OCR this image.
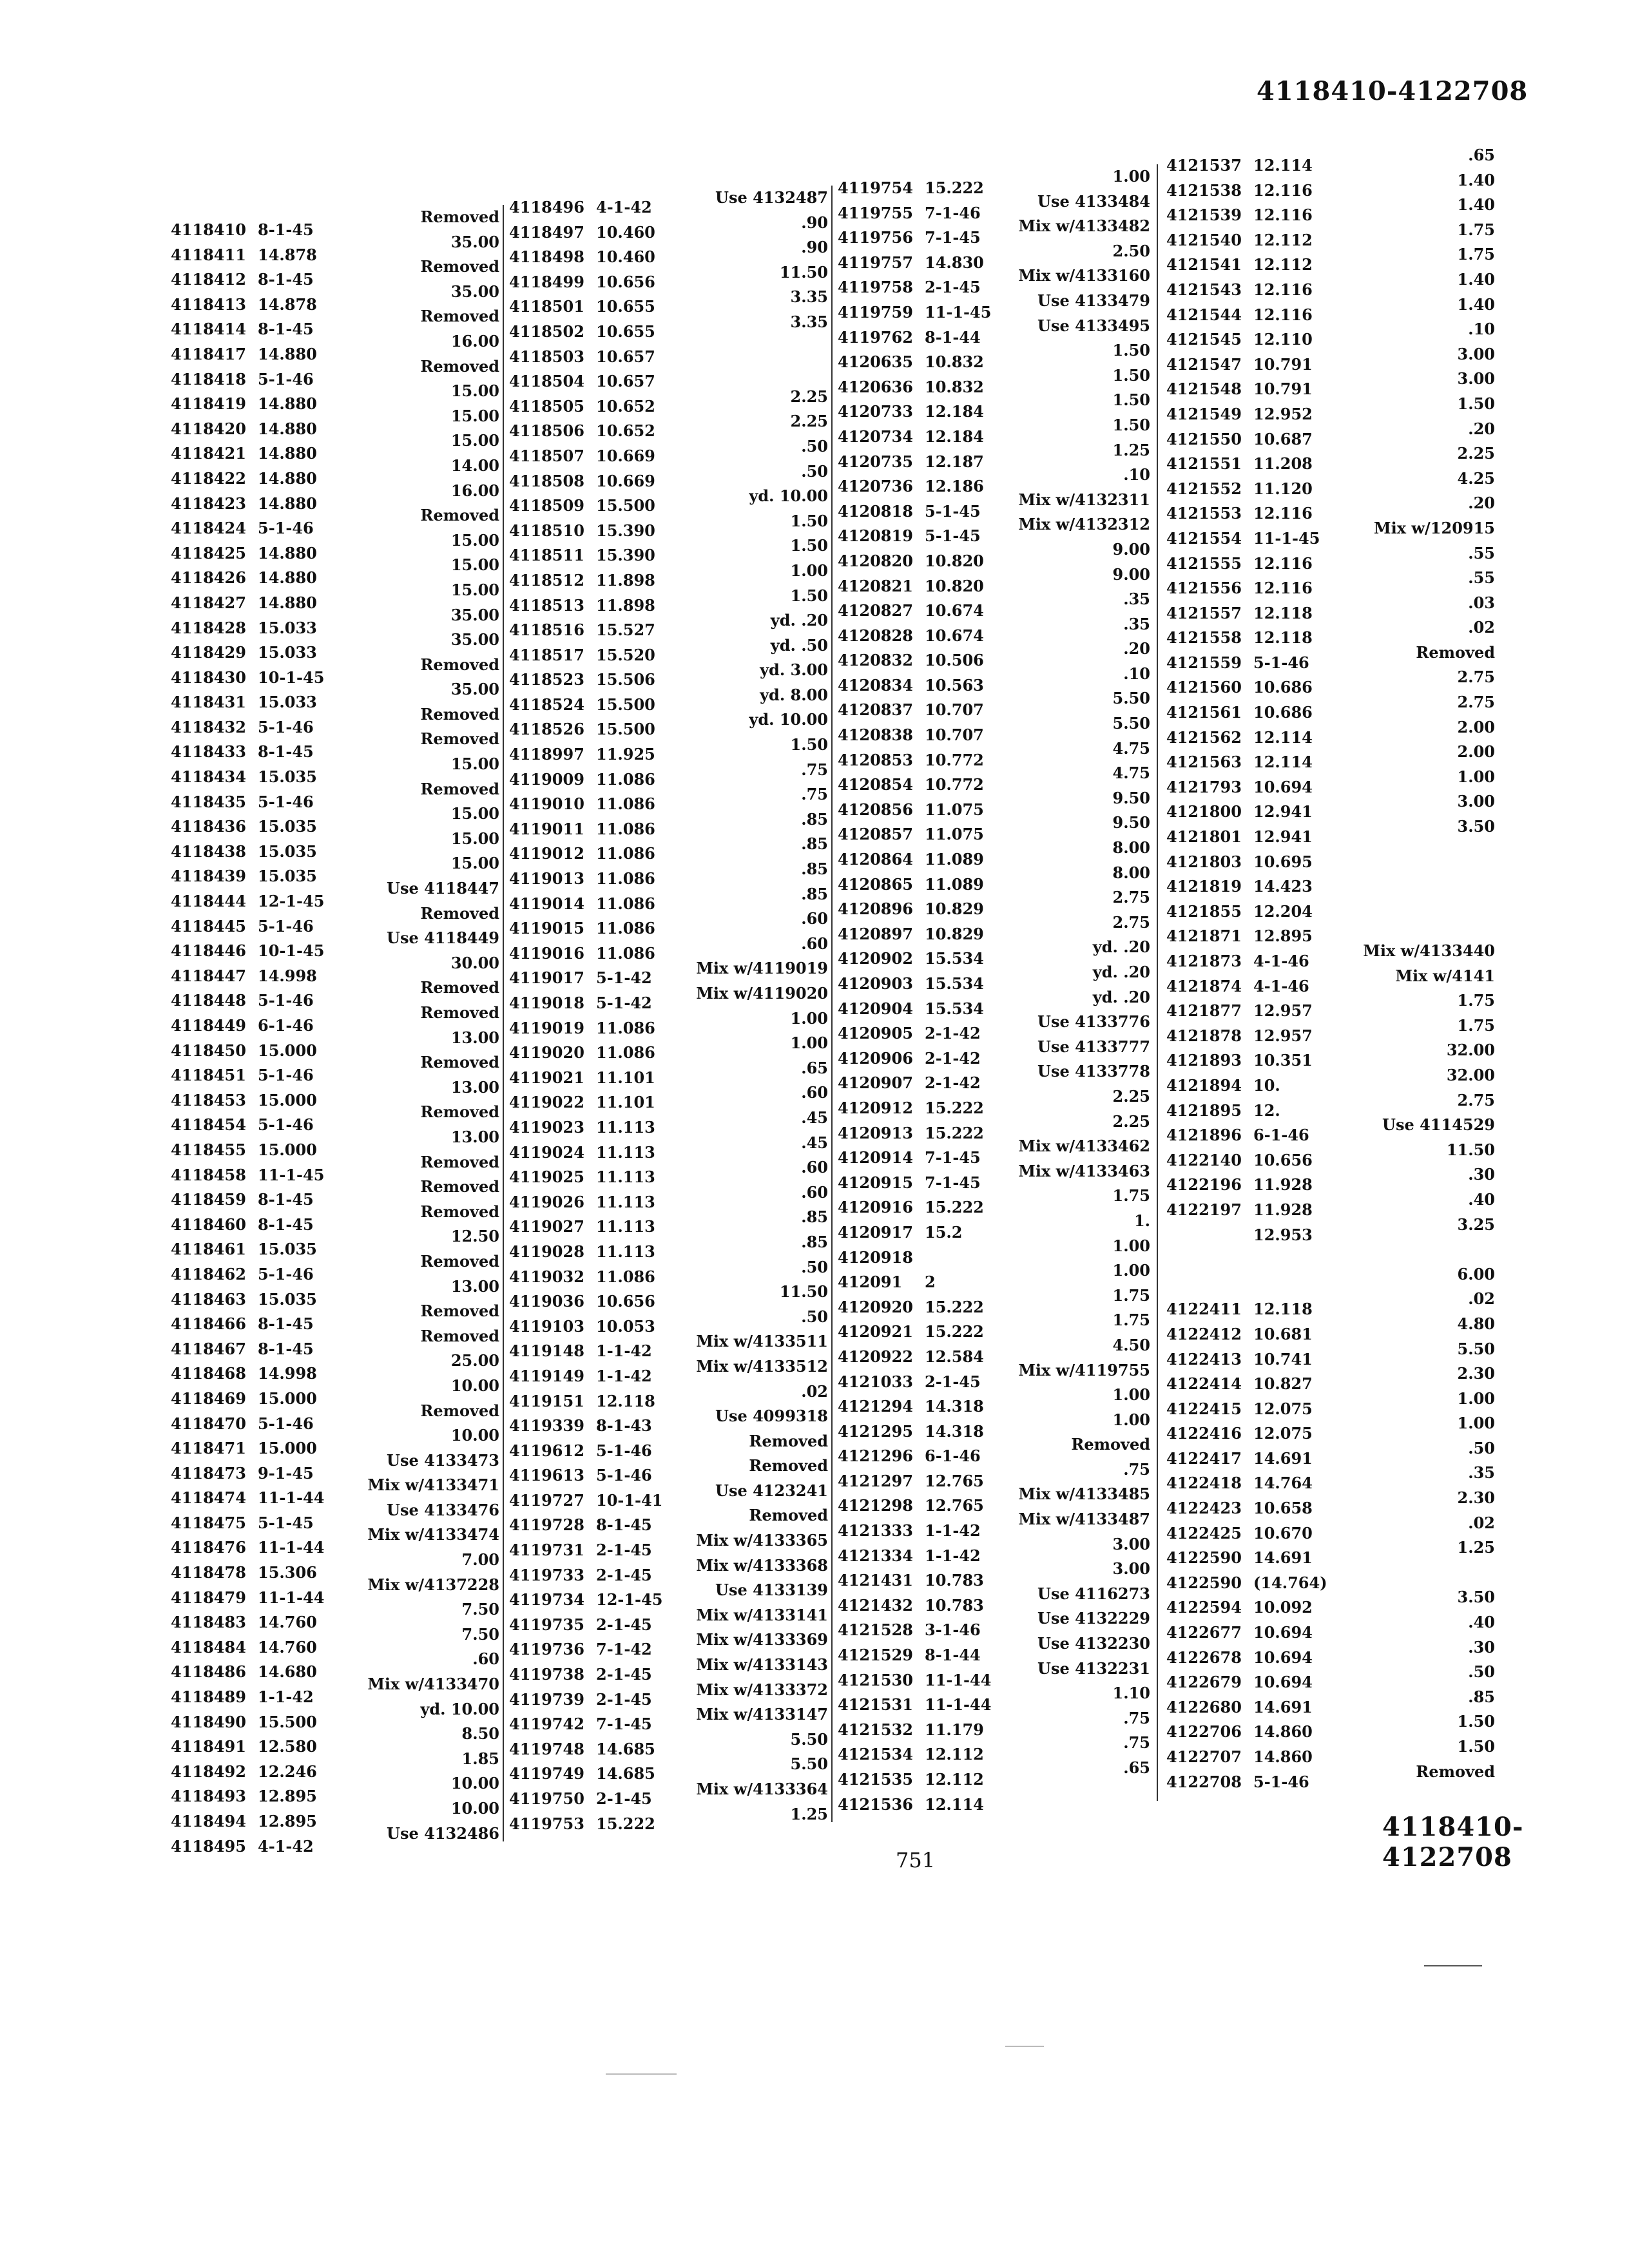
4118410-4122708
4118410 8-1-45
4118411 14.878
4118412 8-1-45
4118413 14.878
4118414 8-1-45
4118417 14.880
4118418 5-1-46
4118419 14.880
4118420 14.880
4118421 14.880
4118422 14.880
4118423 14.880
4118424 5-1-46
4118425 14.880
4118426 14.880
4118427 14.880
4118428 15.033
4118429 15.033
4118430 10-1-45
4118431 15.033
4118432 5-1-46
4118433 8-1-45
4118434 15.035
4118435 5-1-46
4118436 15.035
4118438 15.035
4118439 15.035
4118444 12-1-45
4118445 5-1-46
4118446 10-1-45
4118447 14.998
4118448 5-1-46
4118449 6-1-46
4118450 15.000
4118451 5-1-46
4118453 15.000
4118454 5-1-46
4118455 15.000
4118458 11-1-45
4118459 8-1-45
4118460 8-1-45
4118461 15.035
4118462 5-1-46
4118463 15.035
4118466 8-1-45
4118467 8-1-45
4118468 14.998
4118469 15.000
4118470 5-1-46
4118471 15.000
4118473 9-1-45
4118474 11-1-44
4118475 5-1-45
4118476 11-1-44
4118478 15.306
4118479 11-1-44
4118483 14.760
4118484 14.760
4118486 14.680
4118489 1-1-42
4118490 15.500
4118491 12.580
4118492 12.246
4118493 12.895
4118494 12.895
4118495 4-1-42
Removed
35.00
Removed
35.00
Removed
16.00
Removed
15.00
15.00
15.00
14.00
16.00
Removed
15.00
15.00
15.00
35.00
35.00
Removed
35.00
Removed
Removed
15.00
Removed
15.00
15.00
15.00
Use 4118447
Removed
Use 4118449
30.00
Removed
Removed
13.00
Removed
13.00
Removed
13.00
Removed
Removed
Removed
12.50
Removed
13.00
Removed
Removed
25.00
10.00
Removed
10.00
Use 4133473
Mix w/4133471
Use 4133476
Mix w/4133474
7.00
Mix w/4137228
7.50
7.50
.60
Mix w/4133470
yd. 10.00
8.50
1.85
10.00
10.00
Use 4132486
4118496 4-1-42
4118497 10.460
4118498 10.460
4118499 10.656
4118501 10.655
4118502 10.655
4118503 10.657
4118504 10.657
4118505 10.652
4118506 10.652
4118507 10.669
4118508 10.669
4118509 15.500
4118510 15.390
4118511 15.390
4118512 11.898
4118513 11.898
4118516 15.527
4118517 15.520
4118523 15.506
4118524 15.500
4118526 15.500
4118997 11.925
4119009 11.086
4119010 11.086
4119011 11.086
4119012 11.086
4119013 11.086
4119014 11.086
4119015 11.086
4119016 11.086
4119017 5-1-42
4119018 5-1-42
4119019 11.086
4119020 11.086
4119021 11.101
4119022 11.101
4119023 11.113
4119024 11.113
4119025 11.113
4119026 11.113
4119027 11.113
4119028 11.113
4119032 11.086
4119036 10.656
4119103 10.053
4119148 1-1-42
4119149 1-1-42
4119151 12.118
4119339 8-1-43
4119612 5-1-46
4119613 5-1-46
4119727 10-1-41
4119728 8-1-45
4119731 2-1-45
4119733 2-1-45
4119734 12-1-45
4119735 2-1-45
4119736 7-1-42
4119738 2-1-45
4119739 2-1-45
4119742 7-1-45
4119748 14.685
4119749 14.685
4119750 2-1-45
4119753 15.222
Use 4132487
.90
.90
11.50
3.35
3.35
2.25
2.25
.50
.50
yd. 10.00
1.50
1.50
1.00
1.50
yd. .20
yd. .50
yd. 3.00
yd. 8.00
yd. 10.00
1.50
.75
.75
.85
.85
.85
.85
.60
.60
Mix w/4119019
Mix w/4119020
1.00
1.00
.65
.60
.45
.45
.60
.60
.85
.85
.50
11.50
.50
Mix w/4133511
Mix w/4133512
.02
Use 4099318
Removed
Removed
Use 4123241
Removed
Mix w/4133365
Mix w/4133368
Use 4133139
Mix w/4133141
Mix w/4133369
Mix w/4133143
Mix w/4133372
Mix w/4133147
5.50
5.50
Mix w/4133364
1.25
4119754 15.222
4119755 7-1-46
4119756 7-1-45
4119757 14.830
4119758 2-1-45
4119759 11-1-45
4119762 8-1-44
4120635 10.832
4120636 10.832
4120733 12.184
4120734 12.184
4120735 12.187
4120736 12.186
4120818 5-1-45
4120819 5-1-45
4120820 10.820
4120821 10.820
4120827 10.674
4120828 10.674
4120832 10.506
4120834 10.563
4120837 10.707
4120838 10.707
4120853 10.772
4120854 10.772
4120856 11.075
4120857 11.075
4120864 11.089
4120865 11.089
4120896 10.829
4120897 10.829
4120902 15.534
4120903 15.534
4120904 15.534
4120905 2-1-42
4120906 2-1-42
4120907 2-1-42
4120912 15.222
4120913 15.222
4120914 7-1-45
4120915 7-1-45
4120916 15.222
4120917 15.2
4120918
412091	2
4120920 15.222
4120921 15.222
4120922 12.584
4121033 2-1-45
4121294 14.318
4121295 14.318
4121296 6-1-46
4121297 12.765
4121298 12.765
4121333 1-1-42
4121334 1-1-42
4121431 10.783
4121432 10.783
4121528 3-1-46
4121529 8-1-44
4121530 11-1-44
4121531 11-1-44
4121532 11.179
4121534 12.112
4121535 12.112
4121536 12.114
1.00
Use 4133484
Mix w/4133482
2.50
Mix w/4133160
Use 4133479
Use 4133495
1.50
1.50
1.50
1.50
1.25
.10
Mix w/4132311
Mix w/4132312
9.00
9.00
.35
.35
.20
.10
5.50
5.50
4.75
4.75
9.50
9.50
8.00
8.00
2.75
2.75
yd. .20
yd. .20
yd. .20
Use 4133776
Use 4133777
Use 4133778
2.25
2.25
Mix w/4133462
Mix w/4133463
1.75
1.
1.00
1.00
1.75
1.75
4.50
Mix w/4119755
1.00
1.00
Removed
.75
Mix w/4133485
Mix w/4133487
3.00
3.00
Use 4116273
Use 4132229
Use 4132230
Use 4132231
1.10
.75
.75
.65
4121537 12.114
4121538 12.116
4121539 12.116
4121540 12.112
4121541 12.112
4121543 12.116
4121544 12.116
4121545 12.110
4121547 10.791
4121548 10.791
4121549 12.952
4121550 10.687
4121551 11.208
4121552 11.120
4121553 12.116
4121554 11-1-45
4121555 12.116
4121556 12.116
4121557 12.118
4121558 12.118
4121559 5-1-46
4121560 10.686
4121561 10.686
4121562 12.114
4121563 12.114
4121793 10.694
4121800 12.941
4121801 12.941
4121803 10.695
4121819 14.423
4121855 12.204
4121871 12.895
4121873 4-1-46
4121874 4-1-46
4121877 12.957
4121878 12.957
4121893 10.351
4121894 10.
4121895 12.
4121896 6-1-46
4122140 10.656
4122196 11.928
4122197 11.928
12.953
4122411 12.118
4122412 10.681
4122413 10.741
4122414 10.827
4122415 12.075
4122416 12.075
4122417 14.691
4122418 14.764
4122423 10.658
4122425 10.670
4122590 14.691
4122590 (14.764)
4122594 10.092
4122677 10.694
4122678 10.694
4122679 10.694
4122680 14.691
4122706 14.860
4122707 14.860
4122708 5-1-46
.65
1.40
1.40
1.75
1.75
1.40
1.40
.10
3.00
3.00
1.50
.20
2.25
4.25
.20
Mix w/120915
.55
.55
.03
.02
Removed
2.75
2.75
2.00
2.00
1.00
3.00
3.50
Mix w/4133440
Mix w/4141
1.75
1.75
32.00
32.00
2.75
Use 4114529
11.50
.30
.40
3.25
6.00
.02
4.80
5.50
2.30
1.00
1.00
.50
.35
2.30
.02
1.25
3.50
.40
.30
.50
.85
1.50
1.50
Removed
4118410-4122708
751
